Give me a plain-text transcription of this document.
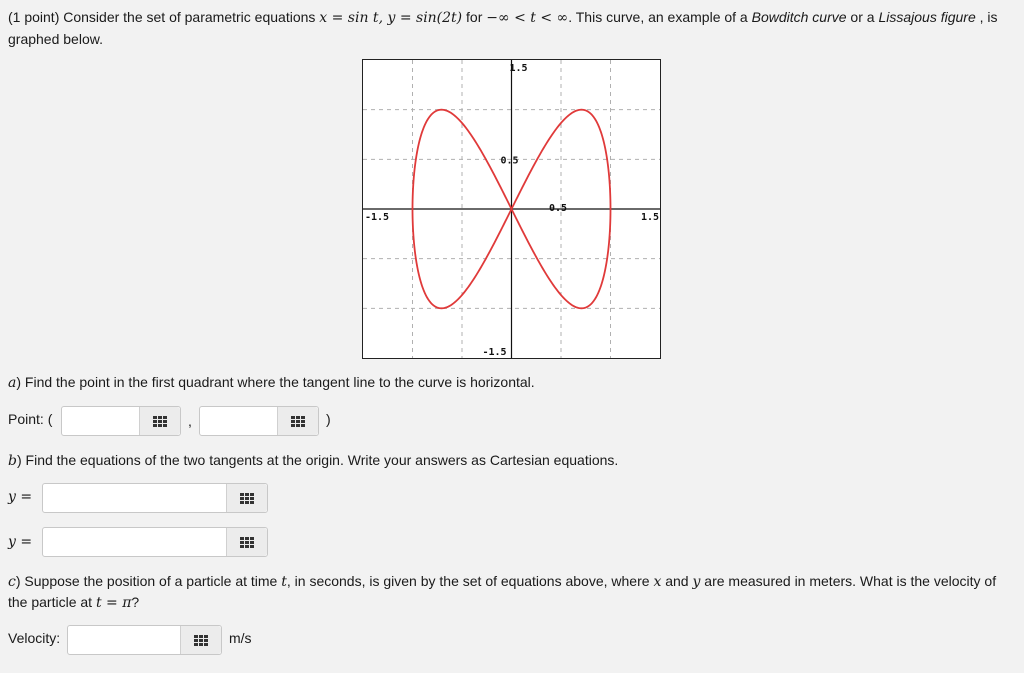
(1 point) Consider the set of parametric equations x = sin t, y = sin(2t) for −∞ < t < ∞. This curve, an example of a Bowditch curve or a Lissajous figure , is graphed below.
1.5
0.5
-1.5	1.5
0.5
-1.5
a) Find the point in the first quadrant where the tangent line to the curve is horizontal.
Point: (	,	)
b) Find the equations of the two tangents at the origin. Write your answers as Cartesian equations.
y =
y =
c) Suppose the position of a particle at time t, in seconds, is given by the set of equations above, where x and y are measured in meters. What is the velocity of the particle at t = π?
Velocity:	m/s
